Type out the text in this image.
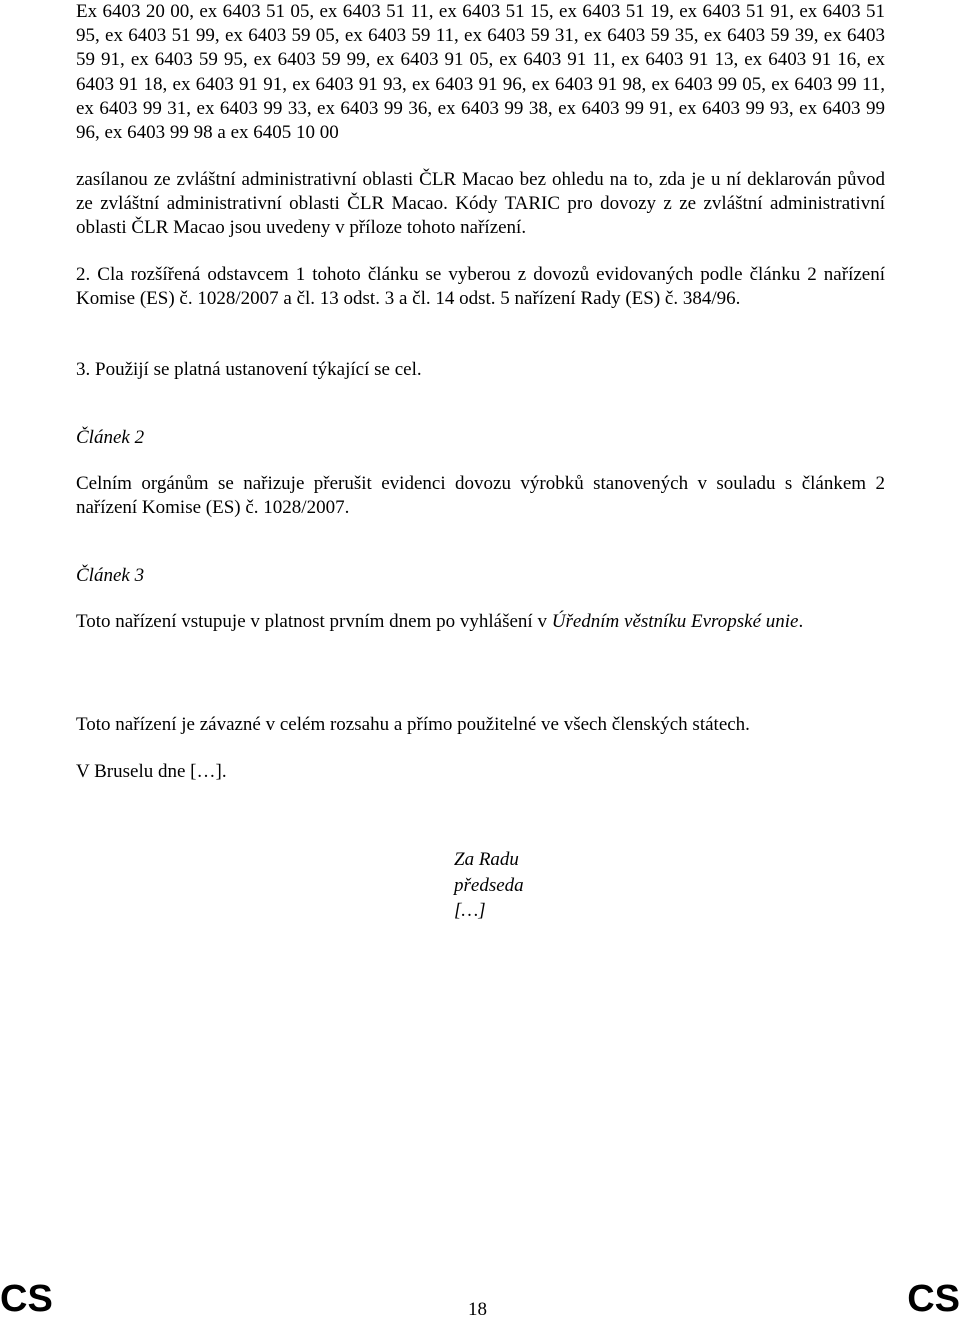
Ex 6403 20 00, ex 6403 51 05, ex 6403 51 11, ex 6403 51 15, ex 6403 51 19, ex 6403 51 91, ex 6403 51 95, ex 6403 51 99, ex 6403 59 05, ex 6403 59 11, ex 6403 59 31, ex 6403 59 35, ex 6403 59 39, ex 6403 59 91, ex 6403 59 95, ex 6403 59 99, ex 6403 91 05, ex 6403 91 11, ex 6403 91 13, ex 6403 91 16, ex 6403 91 18, ex 6403 91 91, ex 6403 91 93, ex 6403 91 96, ex 6403 91 98, ex 6403 99 05, ex 6403 99 11, ex 6403 99 31, ex 6403 99 33, ex 6403 99 36, ex 6403 99 38, ex 6403 99 91, ex 6403 99 93, ex 6403 99 96, ex 6403 99 98 a ex 6405 10 00

zasílanou ze zvláštní administrativní oblasti ČLR Macao bez ohledu na to, zda je u ní deklarován původ ze zvláštní administrativní oblasti ČLR Macao. Kódy TARIC pro dovozy z ze zvláštní administrativní oblasti ČLR Macao jsou uvedeny v příloze tohoto nařízení.

2. Cla rozšířená odstavcem 1 tohoto článku se vyberou z dovozů evidovaných podle článku 2 nařízení Komise (ES) č. 1028/2007 a čl. 13 odst. 3 a čl. 14 odst. 5 nařízení Rady (ES) č. 384/96.

3. Použijí se platná ustanovení týkající se cel.

Článek 2

Celním orgánům se nařizuje přerušit evidenci dovozu výrobků stanovených v souladu s článkem 2 nařízení Komise (ES) č. 1028/2007.

Článek 3

Toto nařízení vstupuje v platnost prvním dnem po vyhlášení v Úředním věstníku Evropské unie.

Toto nařízení je závazné v celém rozsahu a přímo použitelné ve všech členských státech.

V Bruselu dne […].

Za Radu
předseda
[…]
CS	18	CS
